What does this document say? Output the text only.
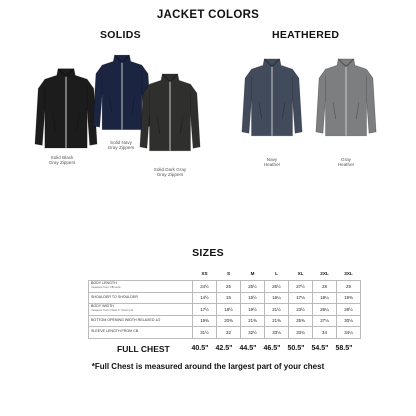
JACKET COLORS
SOLIDS	HEATHERED
Solid Black
Gray Zippers
Solid Navy
Gray Zippers
Solid Dark Gray
Gray Zippers
Navy
Heather
Gray
Heather
SIZES
	XS	S	M	L	XL	2XL	3XL
BODY LENGTH
measure from CB neck	24½	25	25½	26½	27½	28	29
SHOULDER TO SHOULDER	14½	15	15½	16¼	17⅛	18¼	19⅜
BODY WIDTH
measure from Chest 1" down 1/2	17½	18½	19½	21½	23½	26¼	28½
BOTTOM OPENING WIDTH RELAXED 1/2	19⅜	20⅜	21⅜	21⅜	25⅜	27⅛	30⅛
SLEEVE LENGTH FROM CB	31½	32	32½	33⅛	33¾	34	34¼
FULL CHEST	40.5"	42.5"	44.5"	46.5"	50.5"	54.5"	58.5"
*Full Chest is measured around the largest part of your chest
